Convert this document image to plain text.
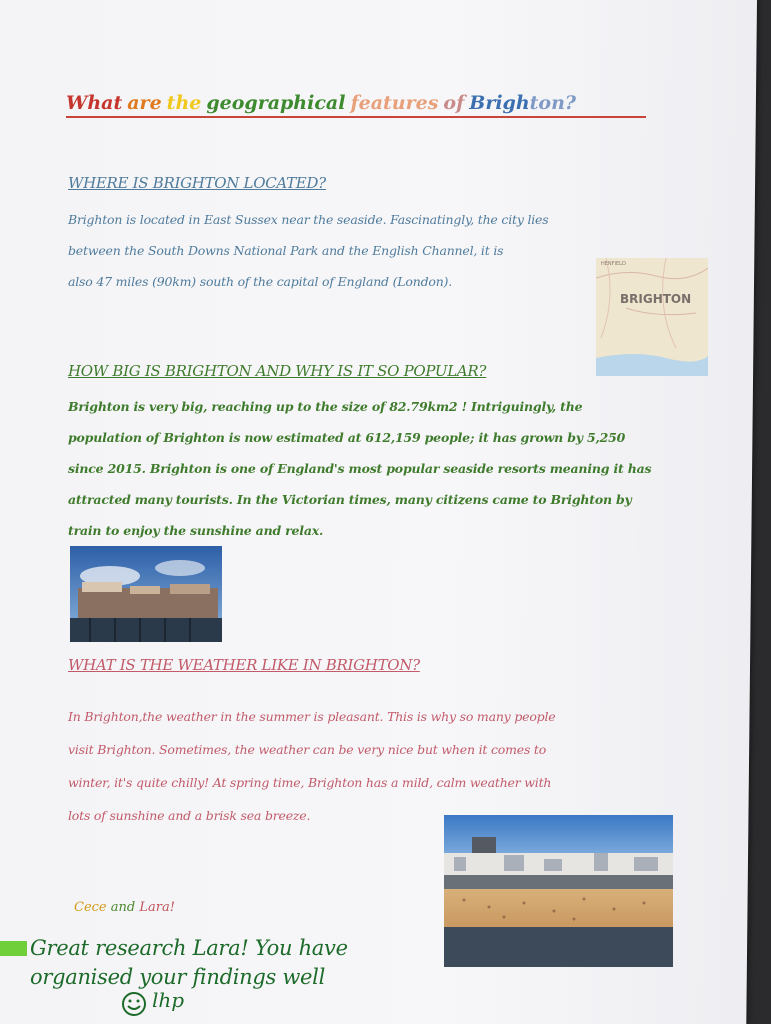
What are the geographical features of Brighton?
WHERE IS BRIGHTON LOCATED?
Brighton is located in East Sussex near the seaside. Fascinatingly, the city lies
between the South Downs National Park and the English Channel, it is
also 47 miles (90km) south of the capital of England (London).
HENFIELD
BRIGHTON
HOW BIG IS BRIGHTON AND WHY IS IT SO POPULAR?
Brighton is very big, reaching up to the size of 82.79km2 ! Intriguingly, the
population of Brighton is now estimated at 612,159 people; it has grown by 5,250
since 2015. Brighton is one of England's most popular seaside resorts meaning it has
attracted many tourists. In the Victorian times, many citizens came to Brighton by
train to enjoy the sunshine and relax.
WHAT IS THE WEATHER LIKE IN BRIGHTON?
In Brighton,the weather in the summer is pleasant. This is why so many people
visit Brighton. Sometimes, the weather can be very nice but when it comes to
winter, it's quite chilly! At spring time, Brighton has a mild, calm weather with
lots of sunshine and a brisk sea breeze.
Cece and Lara!
Great research Lara! You have
organised your findings well
lhp
